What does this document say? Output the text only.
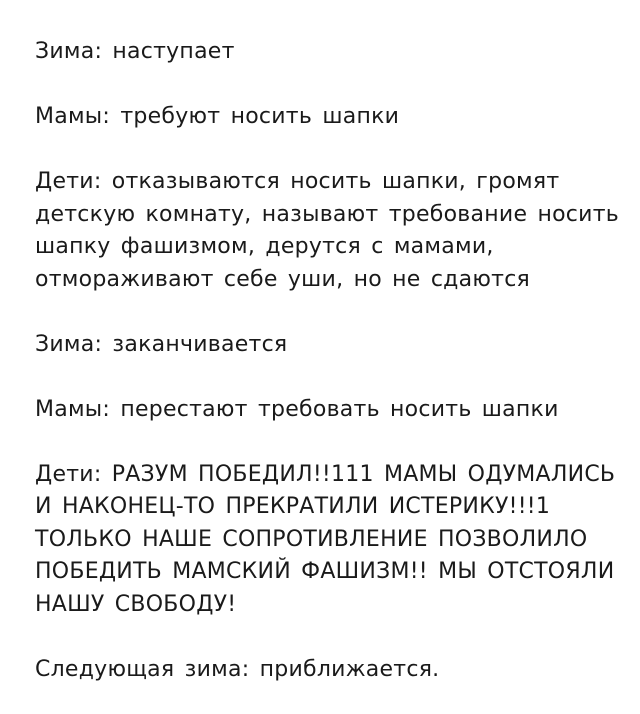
Зима: наступает

Мамы: требуют носить шапки

Дети: отказываются носить шапки, громят
детскую комнату, называют требование носить
шапку фашизмом, дерутся с мамами,
отмораживают себе уши, но не сдаются

Зима: заканчивается

Мамы: перестают требовать носить шапки

Дети: РАЗУМ ПОБЕДИЛ!!111 МАМЫ ОДУМАЛИСЬ
И НАКОНЕЦ-ТО ПРЕКРАТИЛИ ИСТЕРИКУ!!!1
ТОЛЬКО НАШЕ СОПРОТИВЛЕНИЕ ПОЗВОЛИЛО
ПОБЕДИТЬ МАМСКИЙ ФАШИЗМ!! МЫ ОТСТОЯЛИ
НАШУ СВОБОДУ!

Следующая зима: приближается.
